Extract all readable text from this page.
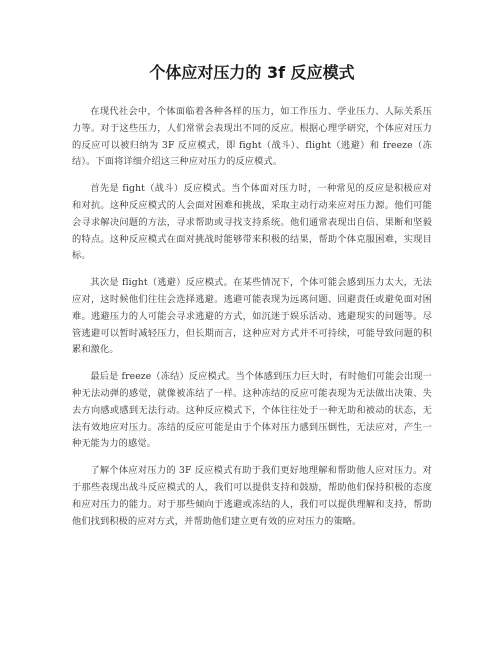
个体应对压力的 3f 反应模式

在现代社会中，个体面临着各种各样的压力，如工作压力、学业压力、人际关系压力等。对于这些压力，人们常常会表现出不同的反应。根据心理学研究，个体应对压力的反应可以被归纳为 3F 反应模式，即 fight（战斗）、flight（逃避）和 freeze（冻结）。下面将详细介绍这三种应对压力的反应模式。

首先是 fight（战斗）反应模式。当个体面对压力时，一种常见的反应是积极应对和对抗。这种反应模式的人会面对困难和挑战，采取主动行动来应对压力源。他们可能会寻求解决问题的方法，寻求帮助或寻找支持系统。他们通常表现出自信、果断和坚毅的特点。这种反应模式在面对挑战时能够带来积极的结果，帮助个体克服困难，实现目标。

其次是 flight（逃避）反应模式。在某些情况下，个体可能会感到压力太大，无法应对，这时候他们往往会选择逃避。逃避可能表现为远离问题、回避责任或避免面对困难。逃避压力的人可能会寻求逃避的方式，如沉迷于娱乐活动、逃避现实的问题等。尽管逃避可以暂时减轻压力，但长期而言，这种应对方式并不可持续，可能导致问题的积累和激化。

最后是 freeze（冻结）反应模式。当个体感到压力巨大时，有时他们可能会出现一种无法动弹的感觉，就像被冻结了一样。这种冻结的反应可能表现为无法做出决策、失去方向感或感到无法行动。这种反应模式下，个体往往处于一种无助和被动的状态，无法有效地应对压力。冻结的反应可能是由于个体对压力感到压倒性，无法应对，产生一种无能为力的感觉。

了解个体应对压力的 3F 反应模式有助于我们更好地理解和帮助他人应对压力。对于那些表现出战斗反应模式的人，我们可以提供支持和鼓励，帮助他们保持积极的态度和应对压力的能力。对于那些倾向于逃避或冻结的人，我们可以提供理解和支持，帮助他们找到积极的应对方式，并帮助他们建立更有效的应对压力的策略。
